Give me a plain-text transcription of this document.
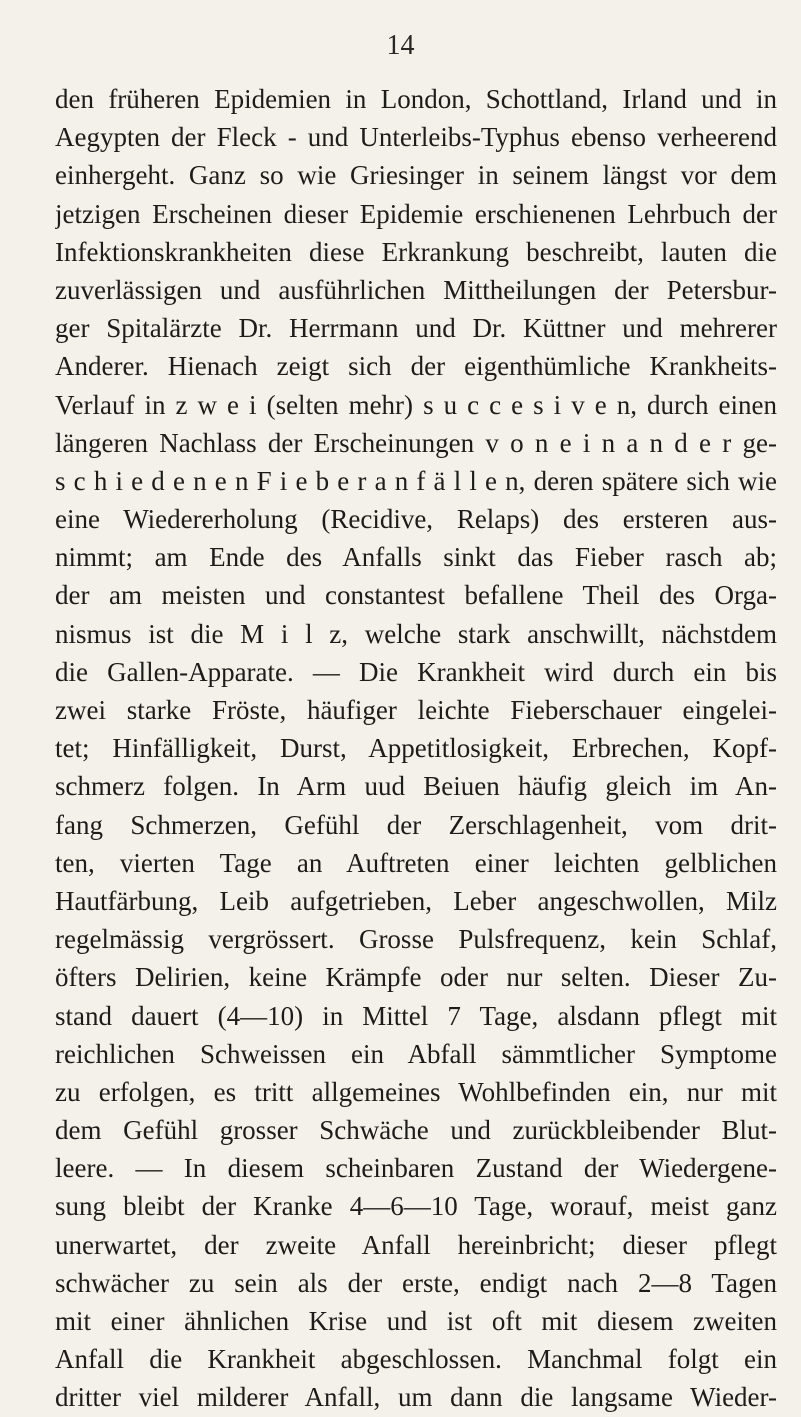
14
den früheren Epidemien in London, Schottland, Irland und in
Aegypten der Fleck - und Unterleibs-Typhus ebenso verheerend
einhergeht. Ganz so wie Griesinger in seinem längst vor dem
jetzigen Erscheinen dieser Epidemie erschienenen Lehrbuch der
Infektionskrankheiten diese Erkrankung beschreibt, lauten die
zuverlässigen und ausführlichen Mittheilungen der Petersbur-
ger Spitalärzte Dr. Herrmann und Dr. Küttner und mehrerer
Anderer. Hienach zeigt sich der eigenthümliche Krankheits-
Verlauf in z w e i (selten mehr) s u c c e s i v e n, durch einen
längeren Nachlass der Erscheinungen v o n e i n a n d e r ge-
s c h i e d e n e n F i e b e r a n f ä l l e n, deren spätere sich wie
eine Wiedererholung (Recidive, Relaps) des ersteren aus-
nimmt; am Ende des Anfalls sinkt das Fieber rasch ab;
der am meisten und constantest befallene Theil des Orga-
nismus ist die M i l z, welche stark anschwillt, nächstdem
die Gallen-Apparate. — Die Krankheit wird durch ein bis
zwei starke Fröste, häufiger leichte Fieberschauer eingelei-
tet; Hinfälligkeit, Durst, Appetitlosigkeit, Erbrechen, Kopf-
schmerz folgen. In Arm uud Beiuen häufig gleich im An-
fang Schmerzen, Gefühl der Zerschlagenheit, vom drit-
ten, vierten Tage an Auftreten einer leichten gelblichen
Hautfärbung, Leib aufgetrieben, Leber angeschwollen, Milz
regelmässig vergrössert. Grosse Pulsfrequenz, kein Schlaf,
öfters Delirien, keine Krämpfe oder nur selten. Dieser Zu-
stand dauert (4—10) in Mittel 7 Tage, alsdann pflegt mit
reichlichen Schweissen ein Abfall sämmtlicher Symptome
zu erfolgen, es tritt allgemeines Wohlbefinden ein, nur mit
dem Gefühl grosser Schwäche und zurückbleibender Blut-
leere. — In diesem scheinbaren Zustand der Wiedergene-
sung bleibt der Kranke 4—6—10 Tage, worauf, meist ganz
unerwartet, der zweite Anfall hereinbricht; dieser pflegt
schwächer zu sein als der erste, endigt nach 2—8 Tagen
mit einer ähnlichen Krise und ist oft mit diesem zweiten
Anfall die Krankheit abgeschlossen. Manchmal folgt ein
dritter viel milderer Anfall, um dann die langsame Wieder-
